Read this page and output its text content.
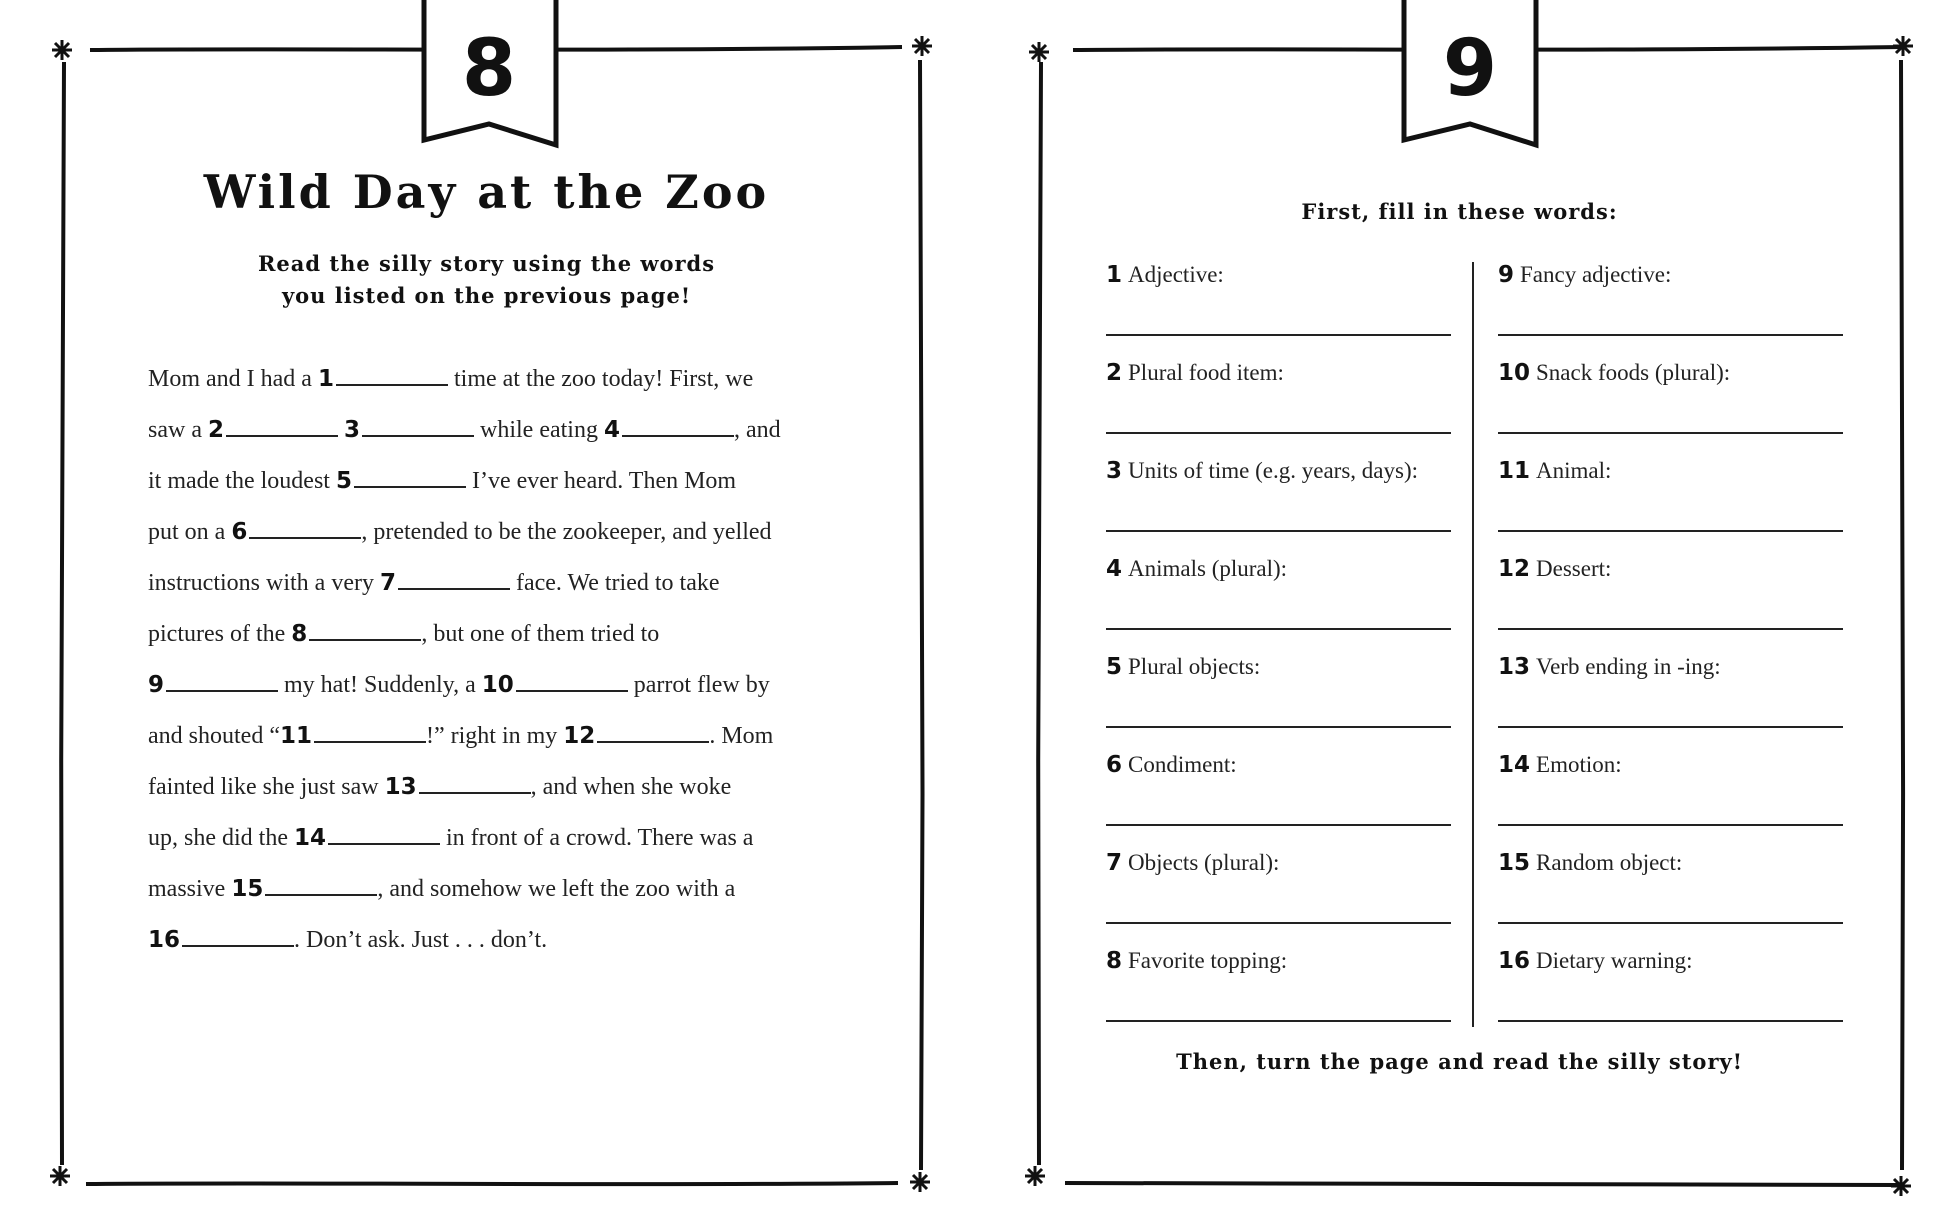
8
Wild Day at the Zoo
Read the silly story using the words
you listed on the previous page!
Mom and I had a 1	time at the zoo today! First, we
saw a 2	3	while eating 4	, and
it made the loudest 5	I’ve ever heard. Then Mom
put on a 6	, pretended to be the zookeeper, and yelled
instructions with a very 7	face. We tried to take
pictures of the 8	, but one of them tried to
9	my hat! Suddenly, a 10	parrot flew by
and shouted “11	!” right in my 12	. Mom
fainted like she just saw 13	, and when she woke
up, she did the 14	in front of a crowd. There was a
massive 15	, and somehow we left the zoo with a
16	. Don’t ask. Just . . . don’t.
9
First, fill in these words:
Then, turn the page and read the silly story!
1 Adjective:
2 Plural food item:
3 Units of time (e.g. years, days):
4 Animals (plural):
5 Plural objects:
6 Condiment:
7 Objects (plural):
8 Favorite topping:
9 Fancy adjective:
10 Snack foods (plural):
11 Animal:
12 Dessert:
13 Verb ending in -ing:
14 Emotion:
15 Random object:
16 Dietary warning:
